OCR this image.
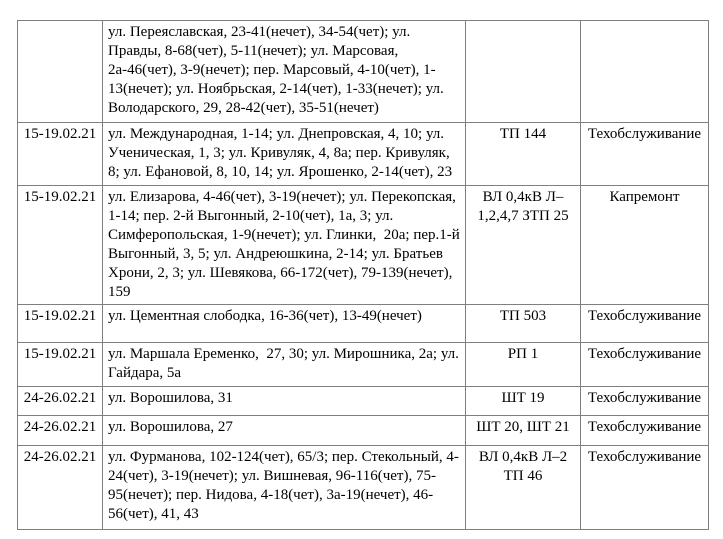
	ул. Переяславская, 23-41(нечет), 34-54(чет); ул. Правды, 8-68(чет), 5-11(нечет); ул. Марсовая, 2а-46(чет), 3-9(нечет); пер. Марсовый, 4-10(чет), 1-13(нечет); ул. Ноябрьская, 2-14(чет), 1-33(нечет); ул. Володарского, 29, 28-42(чет), 35-51(нечет)		
15-19.02.21	ул. Международная, 1-14; ул. Днепровская, 4, 10; ул. Ученическая, 1, 3; ул. Кривуляк, 4, 8а; пер. Кривуляк, 8; ул. Ефановой, 8, 10, 14; ул. Ярошенко, 2-14(чет), 23	ТП 144	Техобслуживание
15-19.02.21	ул. Елизарова, 4-46(чет), 3-19(нечет); ул. Перекопская, 1-14; пер. 2-й Выгонный, 2-10(чет), 1а, 3; ул. Симферопольская, 1-9(нечет); ул. Глинки,  20а; пер.1-й Выгонный, 3, 5; ул. Андреюшкина, 2-14; ул. Братьев Хрони, 2, 3; ул. Шевякова, 66-172(чет), 79-139(нечет), 159	ВЛ 0,4кВ Л–1,2,4,7 ЗТП 25	Капремонт
15-19.02.21	ул. Цементная слободка, 16-36(чет), 13-49(нечет)	ТП 503	Техобслуживание
15-19.02.21	ул. Маршала Еременко,  27, 30; ул. Мирошника, 2а; ул. Гайдара, 5а	РП 1	Техобслуживание
24-26.02.21	ул. Ворошилова, 31	ШТ 19	Техобслуживание
24-26.02.21	ул. Ворошилова, 27	ШТ 20, ШТ 21	Техобслуживание
24-26.02.21	ул. Фурманова, 102-124(чет), 65/3; пер. Стекольный, 4-24(чет), 3-19(нечет); ул. Вишневая, 96-116(чет), 75-95(нечет); пер. Нидова, 4-18(чет), 3а-19(нечет), 46-56(чет), 41, 43	ВЛ 0,4кВ Л–2 ТП 46	Техобслуживание
